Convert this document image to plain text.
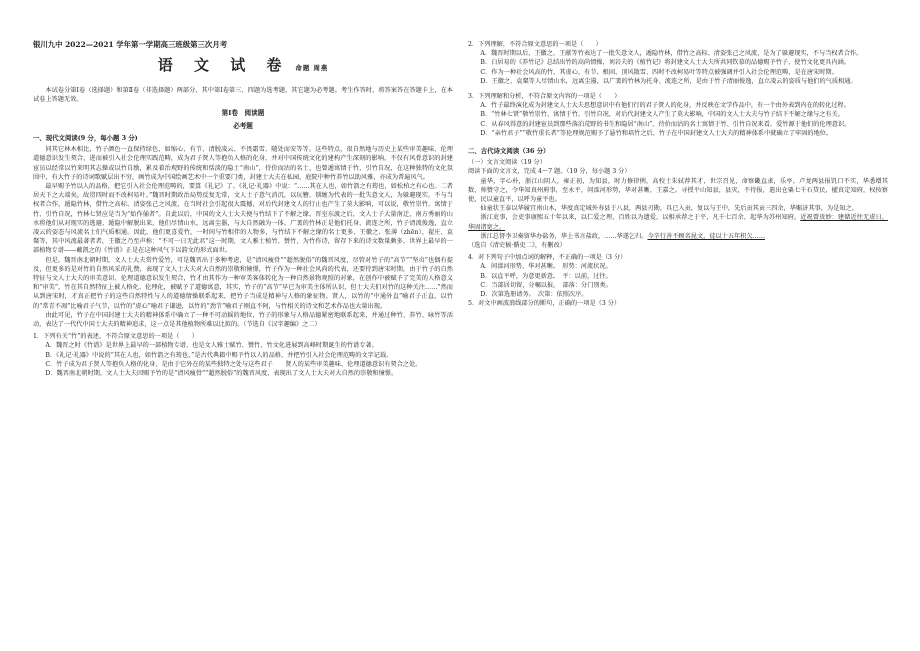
银川九中 2022—2021 学年第一学期高三班级第三次月考
语 文 试 卷 命题 周燕

本试卷分第Ⅰ卷（选择题）和第Ⅱ卷（非选择题）两部分，其中第Ⅰ卷第三、四题为选考题，其它题为必考题。考生作答时，将答案答在答题卡上，在本试卷上答题无效。

第Ⅰ卷　阅读题
必考题
一、现代文阅读(9 分，每小题 3 分)

同其它林木相比，竹子颜色一直保持绿色，如缩心、有节、清脱凌云、不畏霜雪、随处而安等等。这些特点，很自然地与历史上某些审美趣味、伦理道德意识发生契合，进而被引入社会伦理实践范畴，成为君子贤人等抱负人格的化身，并对中国传统文化的建构产生深刻的影响。不仅有风骨意识的封建宦员以经常以竹来明其志操或以竹自励，累及着治观野的传统和恬淡的隐士“南山”，待价而沽的名士，也曾遁寓情于竹，引竹自况，在这种独特的文化氛围中，有大竹子的诗词歌赋层出不穷，画竹成为中国绘画艺术中一个重要门类，封建士大夫在私园、庭院中种竹养竹以助风雅，亦成为普遍风气。

最早赐予竹以人的品格，把它引入社会伦理范畴的，要算《礼记》了。《礼记·礼器》中说：“……其在人也，如竹箭之有筠也，如松柏之有心也。二者居天下之大端矣，故贯四时而不改柯易叶。”魏晋时期政治局势反复无常，文人士子意气消沉，以玩簪、锁缠为代表的一批失意文人，为躲避现实，不与当权者合作，遁隐竹林，借竹之高标、清姿张己之风流，在当时社会引起很大震撼，对后代封建文人的行止也产生了莫大影响，可以说，敬竹崇竹、寓情于竹、引竹自况，竹林七贤应是当为“始作俑者”。自此以后，中国的文人士大夫便与竹结下了不解之缘。晋室东渡之后，文人士子大量南迁，南方秀丽的山水将他们从对现实的逃避、遁隐中解脱出来，他们尽情山水，远离尘嚣，与大自然融为一体。广袤的竹林正是他们托身、流连之所，竹子清流俊逸，直立凌云的姿态与风流名士们气质相通。因此，他们更喜爱竹，一时间与竹相伴的人物多，与竹结下不解之缘的名士更多，王徽之、张薄（zhēn）、翟庄、袁粲等，其中风流最著者者，王徽之乃至声称：“不可一日无此君”这一时期，文人雅士植竹、赞竹，为竹作诗，留存下来的诗文数量颇多，世界上最早的一部植物专谱——戴凯之的《竹谱》正是在这种风气下以韵文的形式面世。

但是，魏晋南北朝时期，文人士大夫赏竹爱竹，可是魏晋出于多种考虑，是“清风瘦骨”“超然脱俗”的魏晋风度，尽管对竹子的“高节”“坚贞”也偶有提及，但更多的是对竹的自然风采的礼赞，表现了文人士大夫对大自然的崇敬和憧憬，竹子作为一种社会风尚的代表，还要待到唐宋时期，由于竹子的自然特征与文人士大夫的审美意识、伦理道德意识发生契合，竹才由其作为一种审美客体转化为一种自然景物观照的对象，在创作中被赋予了完美的人格意义和“审美”，竹在其自然特征上被人格化、伦理化，被赋予了道德寓意，其实，竹子的“高节”早已为审美主体所认识，但士大夫们对竹的这种关注……”然而从到唐宋时，才真正把竹子的这些自然特性与人的道德情操联系起来，把竹子当成是精神与人格的象征物。贤人，以竹的“中通外直”喻君子正直，以竹的“常青不凋”比喻君子气节，以竹的“虚心”喻君子谦逊，以竹的“劲节”喻君子刚直不阿，与竹相关的诗文和艺术作品也大量出现。

由此可见，竹子在中国封建士大夫的精神体系中确立了一种不可动摇的地位，竹子的形象与人格品德紧密地联系起来，并通过种竹、养竹、咏竹等活动，表达了一代代中国士大夫的精神追求，这一点是其他植物所难以比拟的。（节选自《汉字趣编》之二）

1．下列有关“竹”的表述，不符合原文意思的一项是（　　）

A．魏晋之时《竹谱》是世界上最早的一部植物专谱，也是文人雅士赋竹、赞竹、竹文化进展到高峰时期诞生的竹谱专著。

B．《礼记·礼器》中说的“其在人也，如竹箭之有筠也，”是古代典籍中赐予竹以人的品格，并把竹引入社会伦理范畴的文字记载。

C．竹子成为君子贤人等抱负人格的化身，是由于它外在的某些独特之处与这些君子　　贤人的某些审美趣味、伦理道德意识有契合之处。

D．魏晋南北朝时期，文人士大夫因赐予竹的是“清风瘦骨”“超然脱俗”的魏晋风度，表现出了文人士大夫对大自然的崇敬和憧憬。

2．下列理解，不符合原文意思的一项是（　　）

A．魏晋时期以后，王徽之、王献等竹表达了一批失意文人，遁隐竹林，借竹之高标、清姿张己之风流，是为了躲避现实，不与当权者合作。

B．白居易的《养竹记》总结出竹的高尚情操，刘岩夫的《植竹记》将封建文人士大夫所共同钦慕的品德赐予竹子，使竹文化更具内涵。

C．作为一种社会风高的竹，其虚心、有节、根固、顶风散雪、四时不改柯易叶等特点被强调并引入社会伦理范畴，是在唐宋时期。

D．王徽之、袁粲等人尽情山水，远离尘嚣，以广袤的竹林为托身、流连之所，是由于竹子清丽俊逸，直立凌云的姿质与他们的气质相通。

3．下列理解和分析，不符合原文内容的一项是（　　）

A．竹子最终演化成为封建文人士大夫思想意识中有他们行的君子贤人的化身，并反映在文学作品中，有一个由外表到内在的转化过程。

B．“竹林七贤”敬竹崇竹、寓情于竹、引竹自况，对后代封建文人产生了莫大影响，中国的文人士大夫与竹子结下不解之缘与之有关。

C．从春风得意的封建宦员到那些落泊荒野的书生和隐居“南山”、待价而沽的名士寓情于竹、引竹自况来看，爱竹源于他们的伦理意识。

D．“亲竹君子”“敬竹重长者”等伦理规范赐予了悬竹和培竹之后，竹子在中国封建文人士大夫的精神体系中就确立了牢固的地位。

二、古代诗文阅读（36 分）

（一）文言文阅读（19 分）

阅读下面的文言文，完成 4～7 题。（19 分，每小题 3 分）

童华，字心朴，浙江山阴人，雍正初，为知县，时力修律例，高校士朱轼荐其才，世宗召见，命察畿直隶，乐亭、卢龙两县报饥口不实，华悉增其数，帅赞守之，令华知真州府事，至永平，问滦河形势，华对甚晰，王嘉之。寻授平山知县，县灾，不待报，遣出仓粟七千石贷民，擢真定知府，权按察使，民以童直平，以呼为童平也。

仙童状王泰以华履宜南山木，华度真定城外寿县于八县，两县刃勘，具已入贡，复以与王中，先后贡其贡三四余，华赈济其事，为是知之。

浙江吏事，会吏事康熙五十年以来，以仁爱之理，百姓以为遗爱，以相承荐之于平，凡千七百余，起华为苏州知府。近祝曾贵妙：建储近往无虚日，华固诸宽之。

浙江总督李卫奏留华办盐务，华上书言盐政，……华遂乞归。今辛行善不顾名昆文，徒以十五年积欠……

（选自《清史稿·循吏二》，有删改）

4．对下列句子中加点词的解释，不正确的一项是（3 分）

A．问滦河形势，华对甚晰。　形势：河流状况。

B．以直平呼，为意更新意。　平：以前，过往。

C．当部居切留，分嘱以报。　部落：分门别类。

D．次第选册请务。　次第：依照次序。

5．对文中画波浪线部分的断句，正确的一项是（3 分）
